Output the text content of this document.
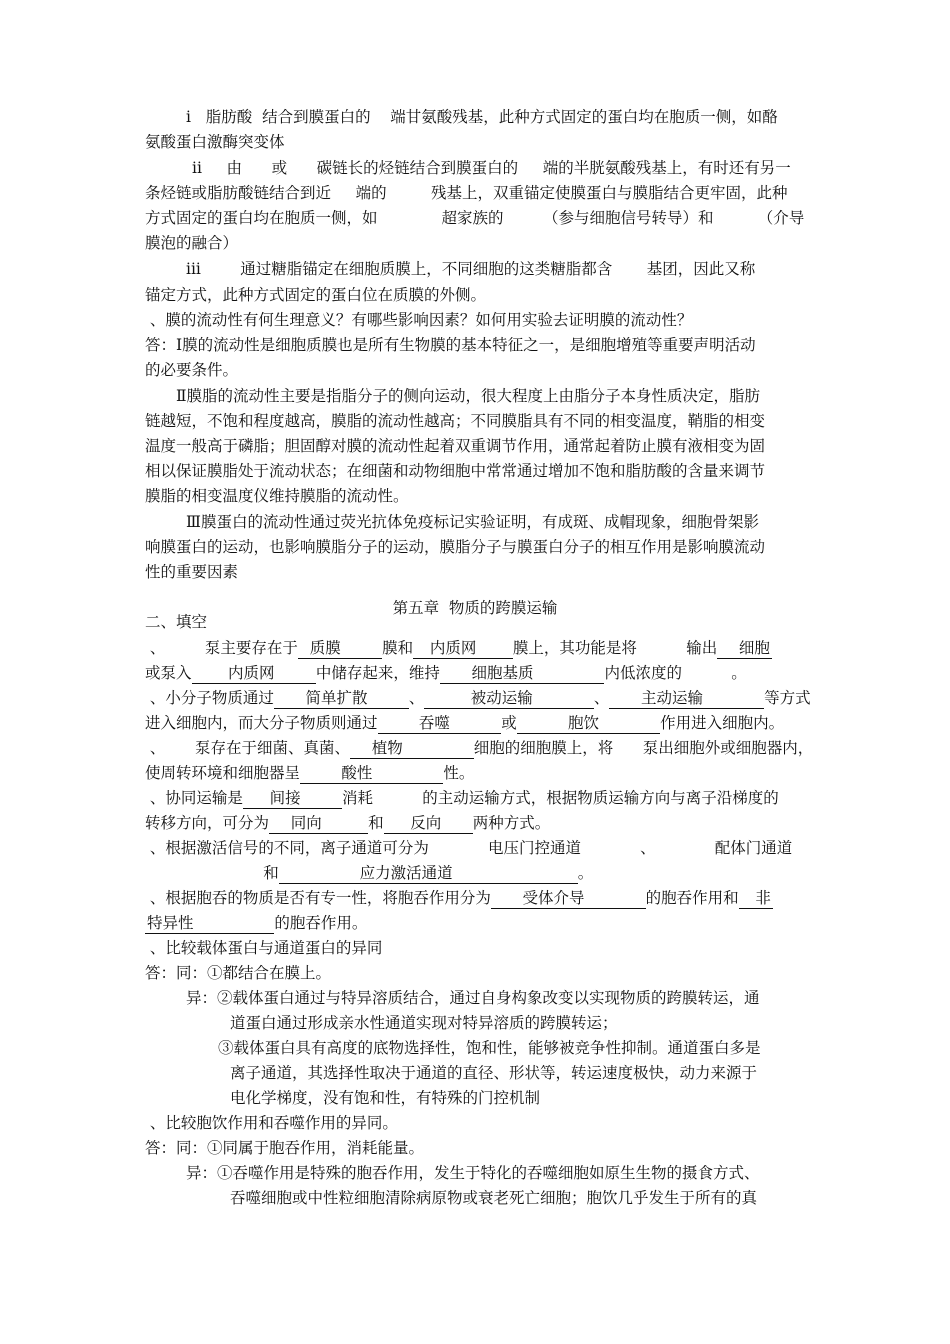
i   脂肪酸  结合到膜蛋白的    端甘氨酸残基，此种方式固定的蛋白均在胞质一侧，如酪
氨酸蛋白激酶突变体
ii     由      或      碳链长的烃链结合到膜蛋白的     端的半胱氨酸残基上，有时还有另一
条烃链或脂肪酸链结合到近     端的         残基上，双重锚定使膜蛋白与膜脂结合更牢固，此种
方式固定的蛋白均在胞质一侧，如             超家族的        （参与细胞信号转导）和         （介导
膜泡的融合）
iii        通过糖脂锚定在细胞质膜上，不同细胞的这类糖脂都含       基团，因此又称
锚定方式，此种方式固定的蛋白位在质膜的外侧。
、膜的流动性有何生理意义？有哪些影响因素？如何用实验去证明膜的流动性？
答：Ⅰ膜的流动性是细胞质膜也是所有生物膜的基本特征之一，是细胞增殖等重要声明活动
的必要条件。
Ⅱ膜脂的流动性主要是指脂分子的侧向运动，很大程度上由脂分子本身性质决定，脂肪
链越短，不饱和程度越高，膜脂的流动性越高；不同膜脂具有不同的相变温度，鞘脂的相变
温度一般高于磷脂；胆固醇对膜的流动性起着双重调节作用，通常起着防止膜有液相变为固
相以保证膜脂处于流动状态；在细菌和动物细胞中常常通过增加不饱和脂肪酸的含量来调节
膜脂的相变温度仪维持膜脂的流动性。
Ⅲ膜蛋白的流动性通过荧光抗体免疫标记实验证明，有成斑、成帽现象，细胞骨架影
响膜蛋白的运动，也影响膜脂分子的运动，膜脂分子与膜蛋白分子的相互作用是影响膜流动
性的重要因素
二、填空
、        泵主要存在于  质膜        膜和   内质网       膜上，其功能是将          输出    细胞
或泵入       内质网        中储存起来，维持      细胞基质              内低浓度的          。
、小分子物质通过      简单扩散        、         被动运输            、      主动运输            等方式
进入细胞内，而大分子物质则通过        吞噬          或          胞饮            作用进入细胞内。
、      泵存在于细菌、真菌、    植物              细胞的细胞膜上，将      泵出细胞外或细胞器内，
使周转环境和细胞器呈        酸性              性。
、协同运输是     间接        消耗          的主动运输方式，根据物质运输方向与离子沿梯度的
转移方向，可分为    同向         和     反向      两种方式。
、根据激活信号的不同，离子通道可分为            电压门控通道            、            配体门通道
和                应力激活通道                         。
、根据胞吞的物质是否有专一性，将胞吞作用分为      受体介导            的胞吞作用和   非
特异性                的胞吞作用。
、比较载体蛋白与通道蛋白的异同
答：同：①都结合在膜上。
异：②载体蛋白通过与特异溶质结合，通过自身构象改变以实现物质的跨膜转运，通
道蛋白通过形成亲水性通道实现对特异溶质的跨膜转运；
③载体蛋白具有高度的底物选择性，饱和性，能够被竞争性抑制。通道蛋白多是
离子通道，其选择性取决于通道的直径、形状等，转运速度极快，动力来源于
电化学梯度，没有饱和性，有特殊的门控机制
、比较胞饮作用和吞噬作用的异同。
答：同：①同属于胞吞作用，消耗能量。
异：①吞噬作用是特殊的胞吞作用，发生于特化的吞噬细胞如原生生物的摄食方式、
吞噬细胞或中性粒细胞清除病原物或衰老死亡细胞；胞饮几乎发生于所有的真
第五章  物质的跨膜运输
